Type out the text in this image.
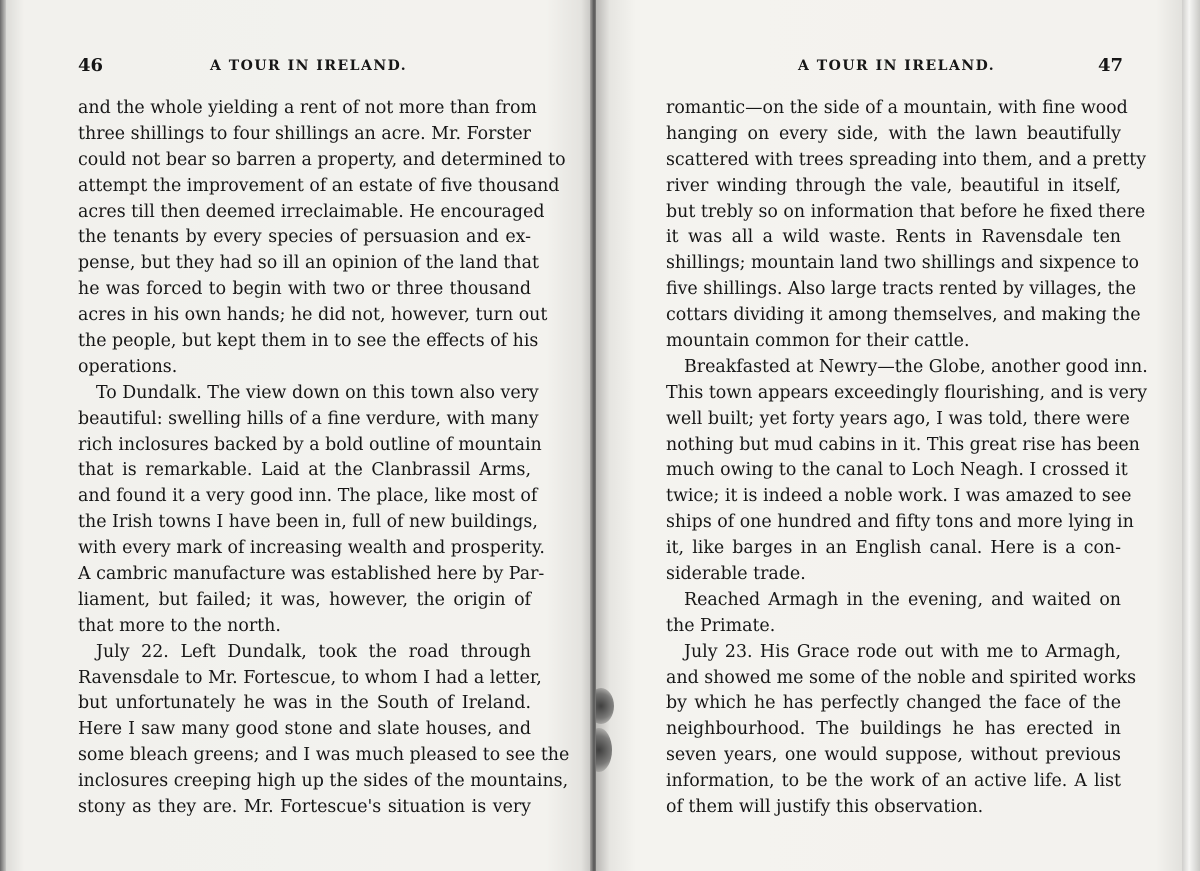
46	A TOUR IN IRELAND.
and the whole yielding a rent of not more than from
three shillings to four shillings an acre. Mr. Forster
could not bear so barren a property, and determined to
attempt the improvement of an estate of five thousand
acres till then deemed irreclaimable. He encouraged
the tenants by every species of persuasion and ex-
pense, but they had so ill an opinion of the land that
he was forced to begin with two or three thousand
acres in his own hands; he did not, however, turn out
the people, but kept them in to see the effects of his
operations.
To Dundalk. The view down on this town also very
beautiful: swelling hills of a fine verdure, with many
rich inclosures backed by a bold outline of mountain
that is remarkable. Laid at the Clanbrassil Arms,
and found it a very good inn. The place, like most of
the Irish towns I have been in, full of new buildings,
with every mark of increasing wealth and prosperity.
A cambric manufacture was established here by Par-
liament, but failed; it was, however, the origin of
that more to the north.
July 22. Left Dundalk, took the road through
Ravensdale to Mr. Fortescue, to whom I had a letter,
but unfortunately he was in the South of Ireland.
Here I saw many good stone and slate houses, and
some bleach greens; and I was much pleased to see the
inclosures creeping high up the sides of the mountains,
stony as they are. Mr. Fortescue's situation is very
A TOUR IN IRELAND.	47
romantic—on the side of a mountain, with fine wood
hanging on every side, with the lawn beautifully
scattered with trees spreading into them, and a pretty
river winding through the vale, beautiful in itself,
but trebly so on information that before he fixed there
it was all a wild waste. Rents in Ravensdale ten
shillings; mountain land two shillings and sixpence to
five shillings. Also large tracts rented by villages, the
cottars dividing it among themselves, and making the
mountain common for their cattle.
Breakfasted at Newry—the Globe, another good inn.
This town appears exceedingly flourishing, and is very
well built; yet forty years ago, I was told, there were
nothing but mud cabins in it. This great rise has been
much owing to the canal to Loch Neagh. I crossed it
twice; it is indeed a noble work. I was amazed to see
ships of one hundred and fifty tons and more lying in
it, like barges in an English canal. Here is a con-
siderable trade.
Reached Armagh in the evening, and waited on
the Primate.
July 23. His Grace rode out with me to Armagh,
and showed me some of the noble and spirited works
by which he has perfectly changed the face of the
neighbourhood. The buildings he has erected in
seven years, one would suppose, without previous
information, to be the work of an active life. A list
of them will justify this observation.
